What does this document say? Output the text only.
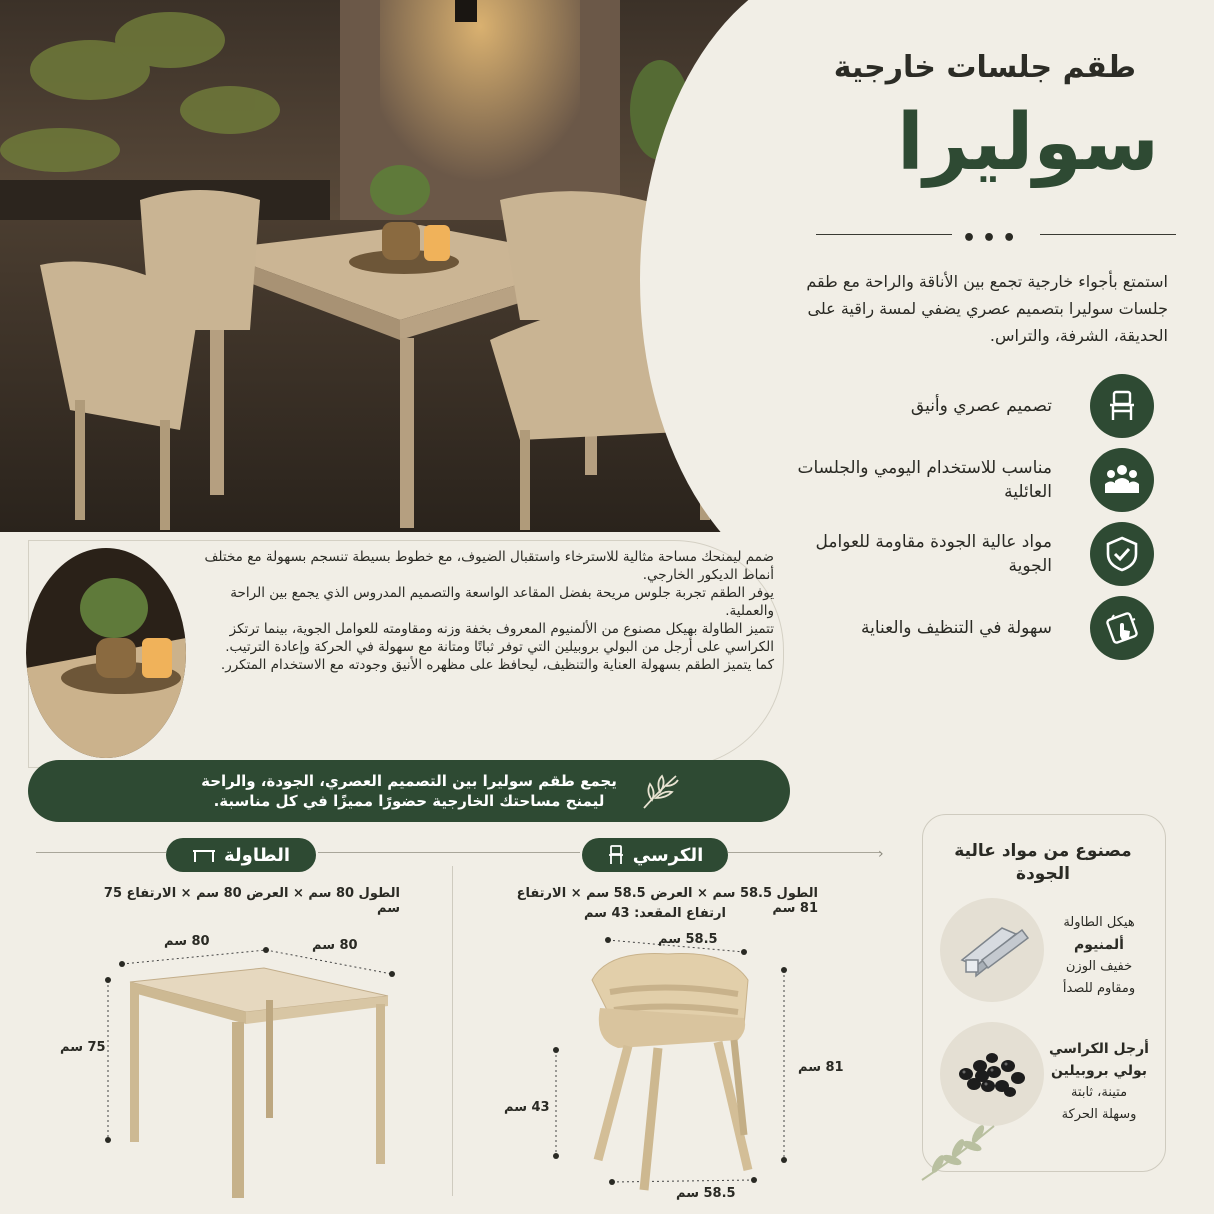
طقم جلسات خارجية
سوليرا
•••
استمتع بأجواء خارجية تجمع بين الأناقة والراحة مع طقم جلسات سوليرا بتصميم عصري يضفي لمسة راقية على الحديقة، الشرفة، والتراس.
تصميم عصري وأنيق
مناسب للاستخدام اليومي والجلسات العائلية
مواد عالية الجودة مقاومة للعوامل الجوية
سهولة في التنظيف والعناية
ضمم ليمنحك مساحة مثالية للاسترخاء واستقبال الضيوف، مع خطوط بسيطة تنسجم بسهولة مع مختلف أنماط الديكور الخارجي.
يوفر الطقم تجربة جلوس مريحة بفضل المقاعد الواسعة والتصميم المدروس الذي يجمع بين الراحة والعملية.
تتميز الطاولة بهيكل مصنوع من الألمنيوم المعروف بخفة وزنه ومقاومته للعوامل الجوية، بينما ترتكز الكراسي على أرجل من البولي بروبيلين التي توفر ثباتًا ومتانة مع سهولة في الحركة وإعادة الترتيب.
كما يتميز الطقم بسهولة العناية والتنظيف، ليحافظ على مظهره الأنيق وجودته مع الاستخدام المتكرر.
يجمع طقم سوليرا بين التصميم العصري، الجودة، والراحة
ليمنح مساحتك الخارجية حضورًا مميزًا في كل مناسبة.
›
الطاولة	الكرسي
الطول 80 سم × العرض 80 سم × الارتفاع 75 سم
الطول 58.5 سم × العرض 58.5 سم × الارتفاع 81 سم
ارتفاع المقعد: 43 سم
80 سم	80 سم
75 سم
58.5 سم
81 سم
43 سم
58.5 سم
مصنوع من مواد عالية الجودة
هيكل الطاولة
ألمنيوم
خفيف الوزن
ومقاوم للصدأ
أرجل الكراسي
بولي بروبيلين
متينة، ثابتة
وسهلة الحركة
